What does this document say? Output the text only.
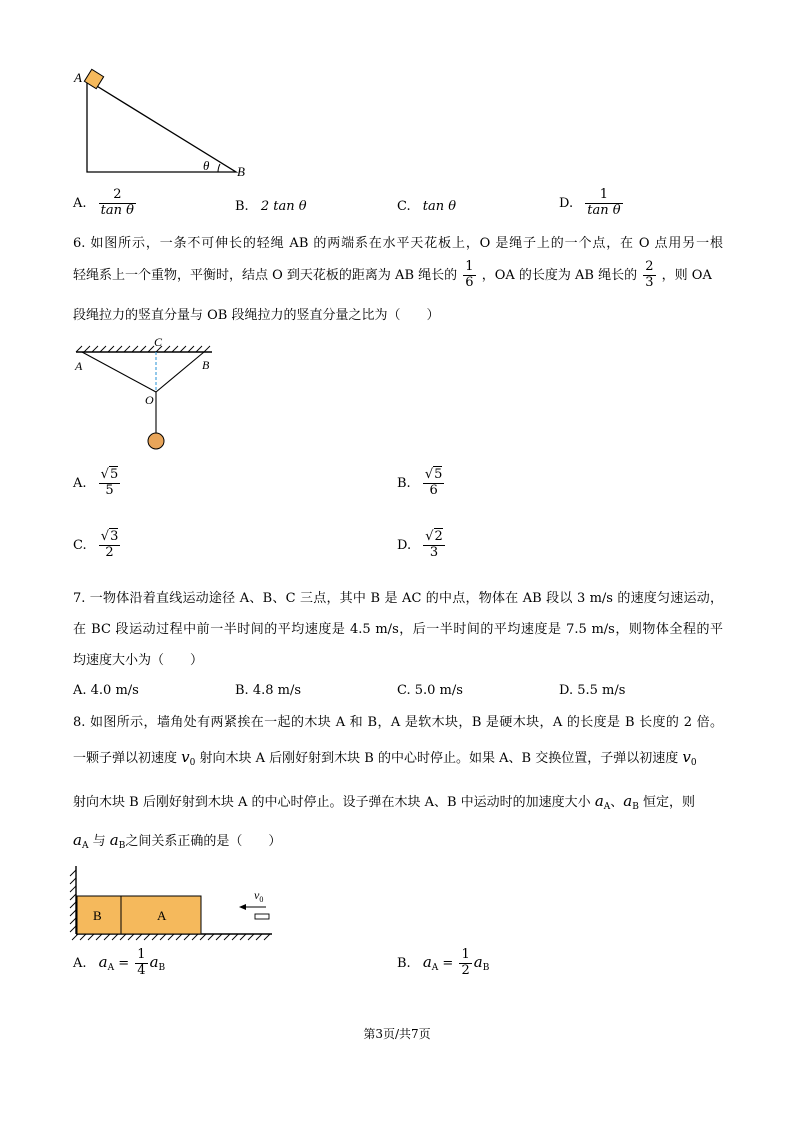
A
B
θ
A. $\frac{2}{\text{tan θ}}$	B. 2 tan θ	C. tan θ	D. $\frac{1}{\text{tan θ}}$
6. 如图所示，一条不可伸长的轻绳 AB 的两端系在水平天花板上，O 是绳子上的一个点，在 O 点用另一根
轻绳系上一个重物，平衡时，结点 O 到天花板的距离为 AB 绳长的 $\frac{1}{6}$ ，OA 的长度为 AB 绳长的 $\frac{2}{3}$ ，则 OA
段绳拉力的竖直分量与 OB 段绳拉力的竖直分量之比为（　　）
A	B
C
O
A. $\frac{√5}{5}$	B. $\frac{√5}{6}$
C. $\frac{√3}{2}$	D. $\frac{√2}{3}$
7. 一物体沿着直线运动途径 A、B、C 三点，其中 B 是 AC 的中点，物体在 AB 段以 3 m/s 的速度匀速运动，
在 BC 段运动过程中前一半时间的平均速度是 4.5 m/s，后一半时间的平均速度是 7.5 m/s，则物体全程的平
均速度大小为（　　）
A. 4.0 m/s	B. 4.8 m/s	C. 5.0 m/s	D. 5.5 m/s
8. 如图所示，墙角处有两紧挨在一起的木块 A 和 B，A 是软木块，B 是硬木块，A 的长度是 B 长度的 2 倍。
一颗子弹以初速度 $v_0$ 射向木块 A 后刚好射到木块 B 的中心时停止。如果 A、B 交换位置，子弹以初速度 $v_0$
射向木块 B 后刚好射到木块 A 的中心时停止。设子弹在木块 A、B 中运动时的加速度大小 $a_A$、$a_B$ 恒定，则
$a_A$ 与 $a_B$之间关系正确的是（　　）
B	A
$v_0$
A. $a_A = \frac{1}{4} a_B$	B. $a_A = \frac{1}{2} a_B$
第3页/共7页
